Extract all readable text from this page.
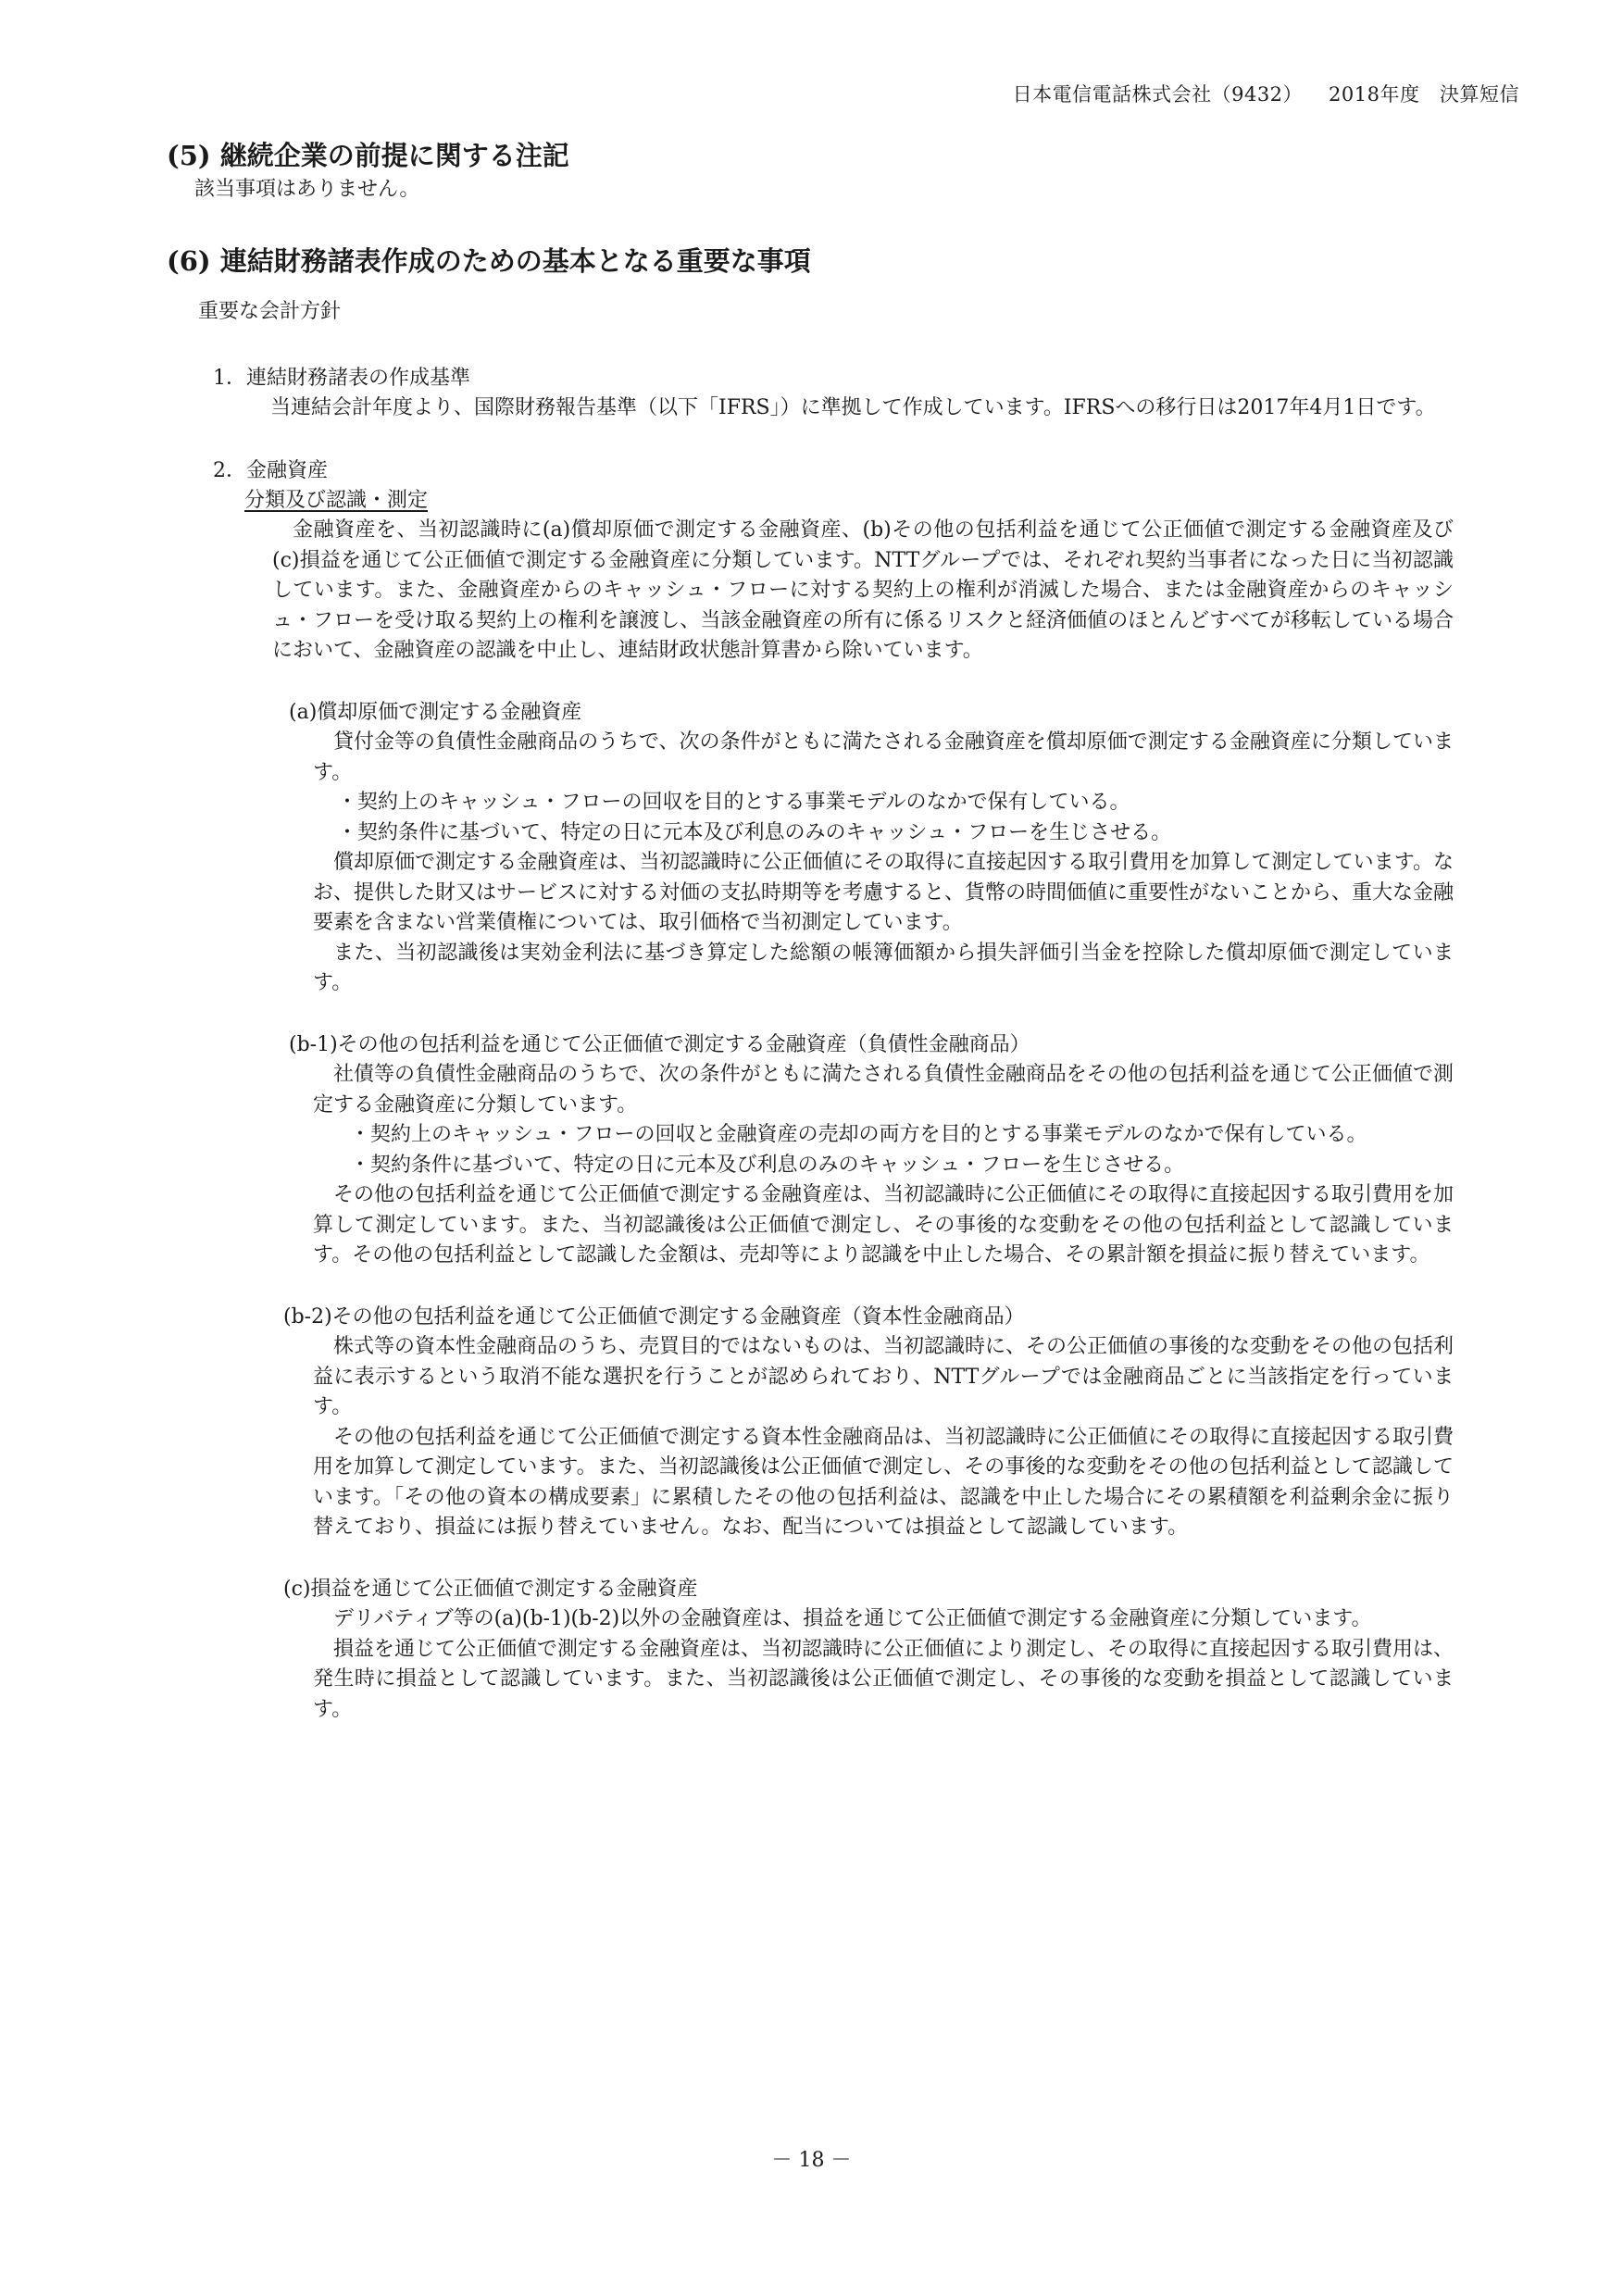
日本電信電話株式会社（9432） 2018年度　決算短信
(5) 継続企業の前提に関する注記
該当事項はありません。
(6) 連結財務諸表作成のための基本となる重要な事項
重要な会計方針
1．連結財務諸表の作成基準

当連結会計年度より、国際財務報告基準（以下「IFRS」）に準拠して作成しています。IFRSへの移行日は2017年4月1日です。

2．金融資産
分類及び認識・測定

金融資産を、当初認識時に(a)償却原価で測定する金融資産、(b)その他の包括利益を通じて公正価値で測定する金融資産及び(c)損益を通じて公正価値で測定する金融資産に分類しています。NTTグループでは、それぞれ契約当事者になった日に当初認識しています。また、金融資産からのキャッシュ・フローに対する契約上の権利が消滅した場合、または金融資産からのキャッシュ・フローを受け取る契約上の権利を譲渡し、当該金融資産の所有に係るリスクと経済価値のほとんどすべてが移転している場合において、金融資産の認識を中止し、連結財政状態計算書から除いています。

(a)償却原価で測定する金融資産

貸付金等の負債性金融商品のうちで、次の条件がともに満たされる金融資産を償却原価で測定する金融資産に分類しています。

・契約上のキャッシュ・フローの回収を目的とする事業モデルのなかで保有している。

・契約条件に基づいて、特定の日に元本及び利息のみのキャッシュ・フローを生じさせる。

償却原価で測定する金融資産は、当初認識時に公正価値にその取得に直接起因する取引費用を加算して測定しています。なお、提供した財又はサービスに対する対価の支払時期等を考慮すると、貨幣の時間価値に重要性がないことから、重大な金融要素を含まない営業債権については、取引価格で当初測定しています。

また、当初認識後は実効金利法に基づき算定した総額の帳簿価額から損失評価引当金を控除した償却原価で測定しています。

(b-1)その他の包括利益を通じて公正価値で測定する金融資産（負債性金融商品）

社債等の負債性金融商品のうちで、次の条件がともに満たされる負債性金融商品をその他の包括利益を通じて公正価値で測定する金融資産に分類しています。

・契約上のキャッシュ・フローの回収と金融資産の売却の両方を目的とする事業モデルのなかで保有している。

・契約条件に基づいて、特定の日に元本及び利息のみのキャッシュ・フローを生じさせる。

その他の包括利益を通じて公正価値で測定する金融資産は、当初認識時に公正価値にその取得に直接起因する取引費用を加算して測定しています。また、当初認識後は公正価値で測定し、その事後的な変動をその他の包括利益として認識しています。その他の包括利益として認識した金額は、売却等により認識を中止した場合、その累計額を損益に振り替えています。

(b-2)その他の包括利益を通じて公正価値で測定する金融資産（資本性金融商品）

株式等の資本性金融商品のうち、売買目的ではないものは、当初認識時に、その公正価値の事後的な変動をその他の包括利益に表示するという取消不能な選択を行うことが認められており、NTTグループでは金融商品ごとに当該指定を行っています。

その他の包括利益を通じて公正価値で測定する資本性金融商品は、当初認識時に公正価値にその取得に直接起因する取引費用を加算して測定しています。また、当初認識後は公正価値で測定し、その事後的な変動をその他の包括利益として認識しています。「その他の資本の構成要素」に累積したその他の包括利益は、認識を中止した場合にその累積額を利益剰余金に振り替えており、損益には振り替えていません。なお、配当については損益として認識しています。

(c)損益を通じて公正価値で測定する金融資産

デリバティブ等の(a)(b-1)(b-2)以外の金融資産は、損益を通じて公正価値で測定する金融資産に分類しています。

損益を通じて公正価値で測定する金融資産は、当初認識時に公正価値により測定し、その取得に直接起因する取引費用は、発生時に損益として認識しています。また、当初認識後は公正価値で測定し、その事後的な変動を損益として認識しています。

－ 18 －
